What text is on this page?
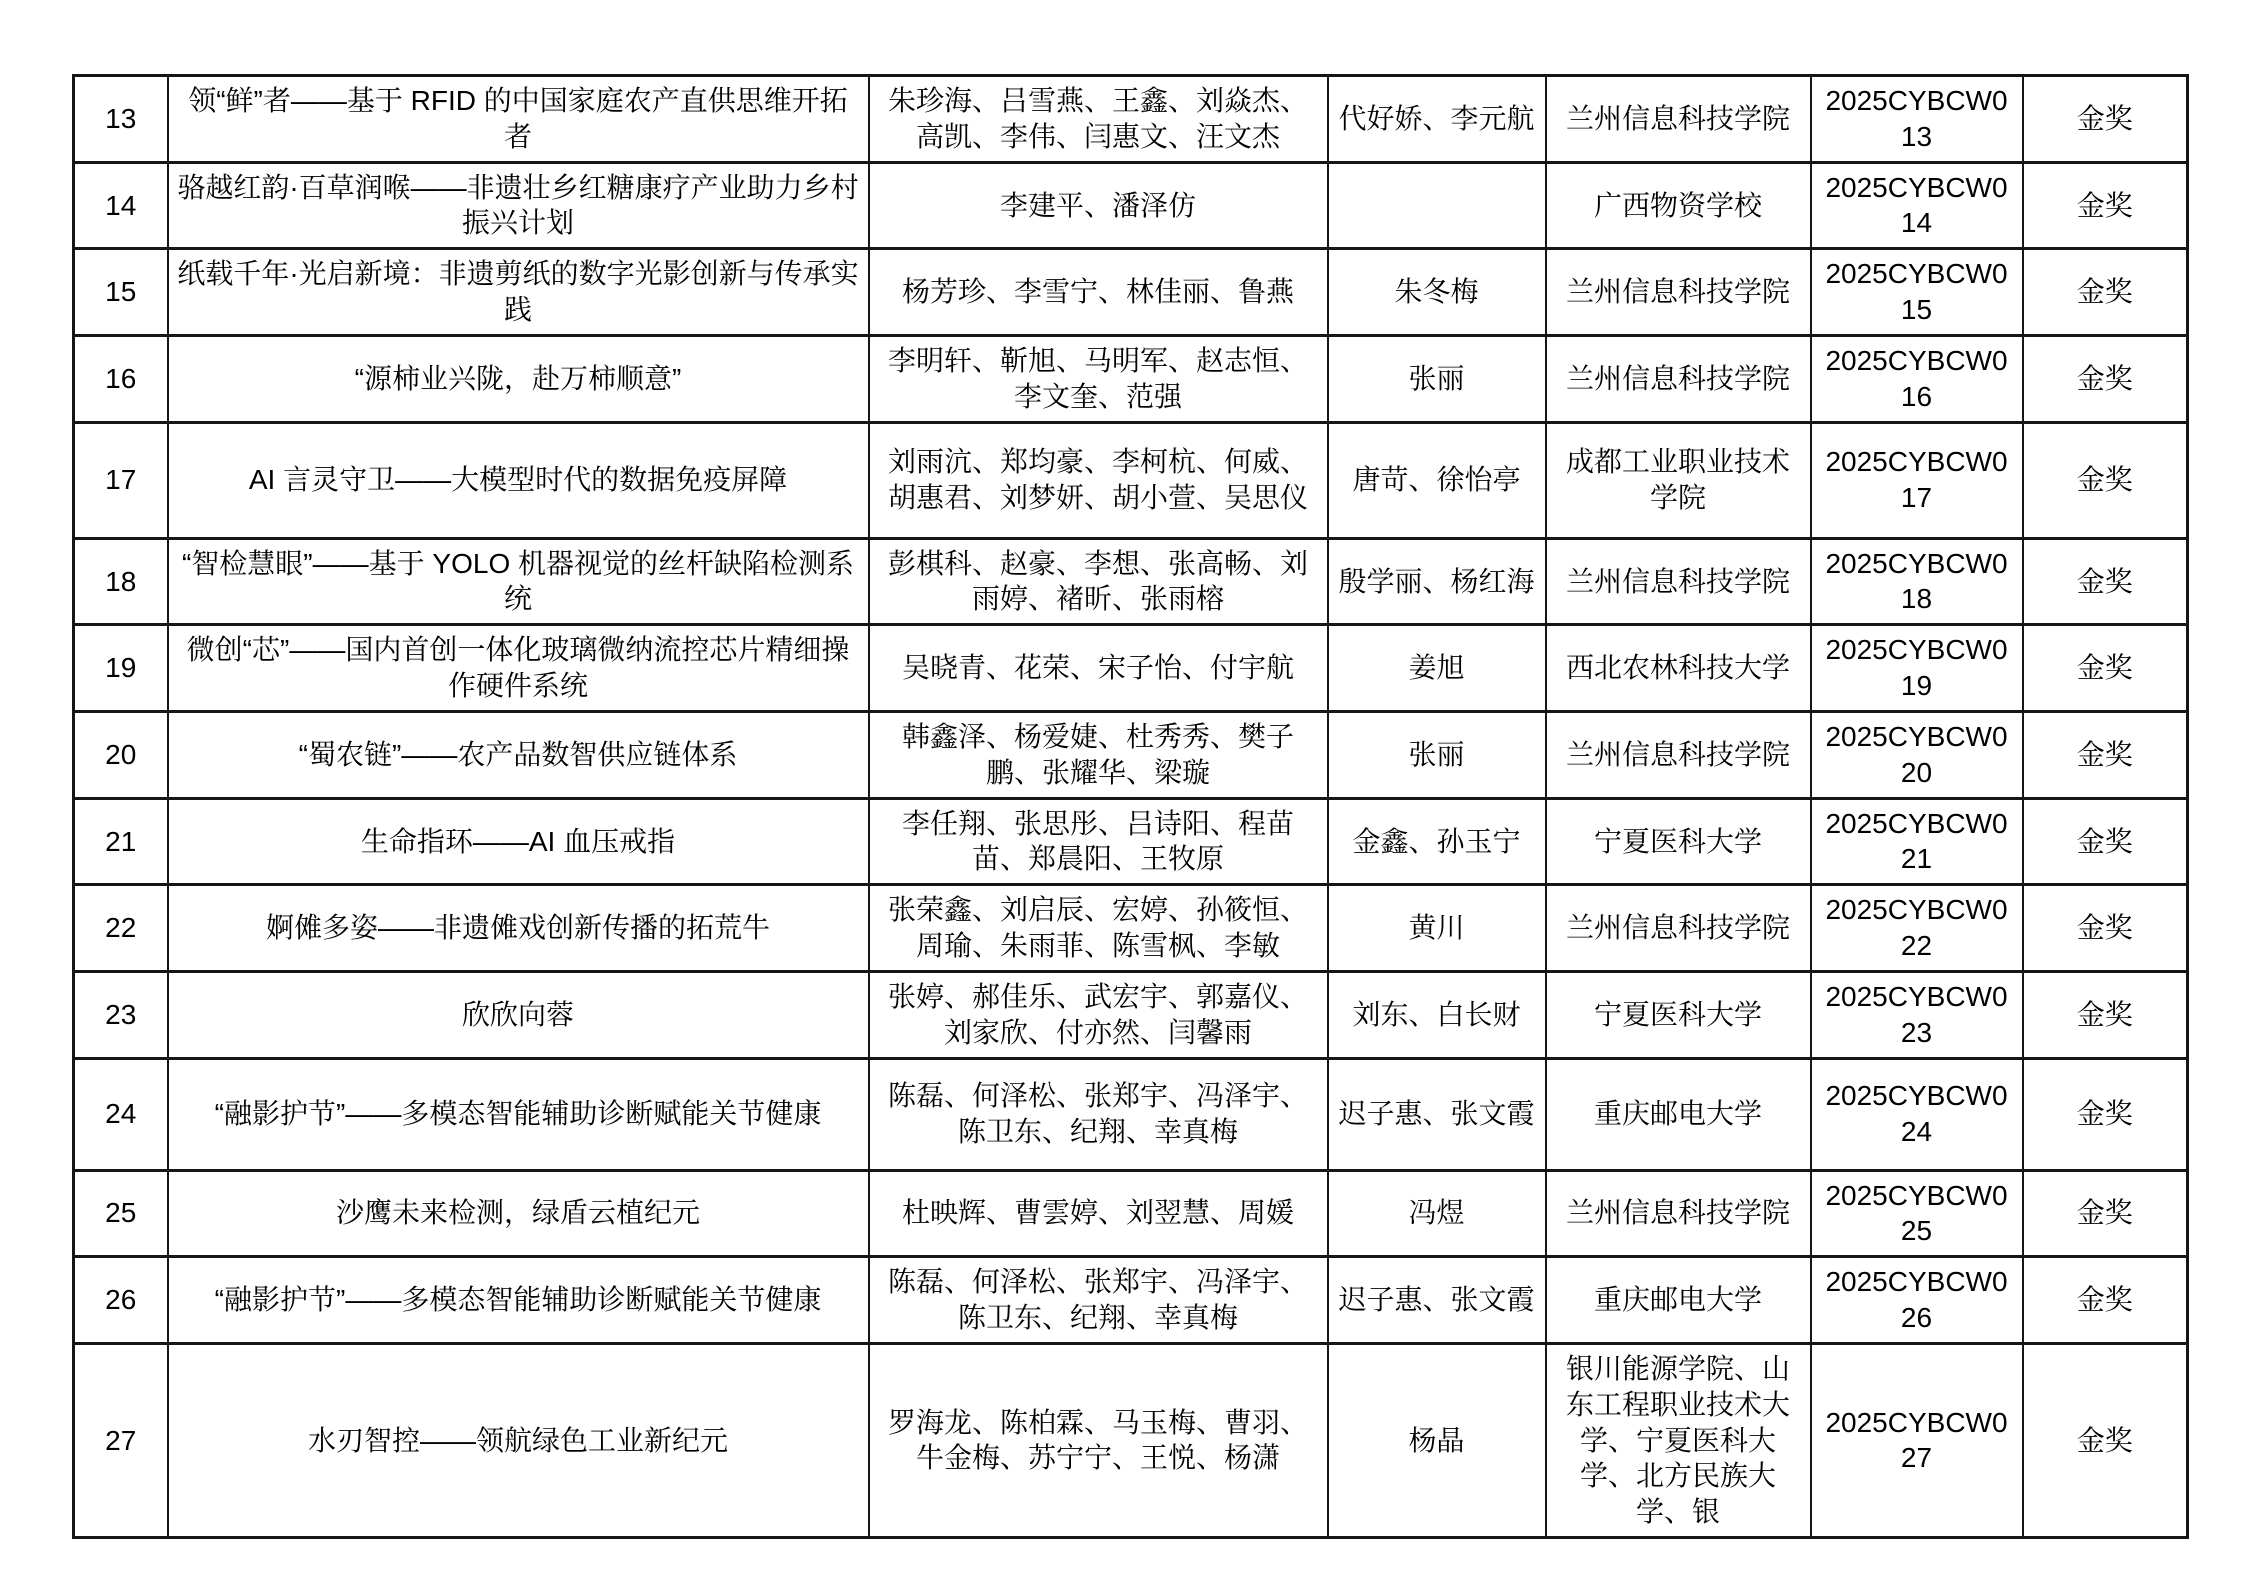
13	领“鲜”者——基于 RFID 的中国家庭农产直供思维开拓者	朱珍海、吕雪燕、王鑫、刘焱杰、高凯、李伟、闫惠文、汪文杰	代好娇、李元航	兰州信息科技学院	2025CYBCW013	金奖
14	骆越红韵·百草润喉——非遗壮乡红糖康疗产业助力乡村振兴计划	李建平、潘泽仿		广西物资学校	2025CYBCW014	金奖
15	纸载千年·光启新境：非遗剪纸的数字光影创新与传承实践	杨芳珍、李雪宁、林佳丽、鲁燕	朱冬梅	兰州信息科技学院	2025CYBCW015	金奖
16	“源柿业兴陇，赴万柿顺意”	李明轩、靳旭、马明军、赵志恒、李文奎、范强	张丽	兰州信息科技学院	2025CYBCW016	金奖
17	AI 言灵守卫——大模型时代的数据免疫屏障	刘雨沆、郑均豪、李柯杭、何威、胡惠君、刘梦妍、胡小萱、吴思仪	唐苛、徐怡亭	成都工业职业技术学院	2025CYBCW017	金奖
18	“智检慧眼”——基于 YOLO 机器视觉的丝杆缺陷检测系统	彭棋科、赵豪、李想、张高畅、刘雨婷、褚昕、张雨榕	殷学丽、杨红海	兰州信息科技学院	2025CYBCW018	金奖
19	微创“芯”——国内首创一体化玻璃微纳流控芯片精细操作硬件系统	吴晓青、花荣、宋子怡、付宇航	姜旭	西北农林科技大学	2025CYBCW019	金奖
20	“蜀农链”——农产品数智供应链体系	韩鑫泽、杨爱婕、杜秀秀、樊子鹏、张耀华、梁璇	张丽	兰州信息科技学院	2025CYBCW020	金奖
21	生命指环——AI 血压戒指	李任翔、张思彤、吕诗阳、程苗苗、郑晨阳、王牧原	金鑫、孙玉宁	宁夏医科大学	2025CYBCW021	金奖
22	婀傩多姿——非遗傩戏创新传播的拓荒牛	张荣鑫、刘启辰、宏婷、孙筱恒、周瑜、朱雨菲、陈雪枫、李敏	黄川	兰州信息科技学院	2025CYBCW022	金奖
23	欣欣向蓉	张婷、郝佳乐、武宏宇、郭嘉仪、刘家欣、付亦然、闫馨雨	刘东、白长财	宁夏医科大学	2025CYBCW023	金奖
24	“融影护节”——多模态智能辅助诊断赋能关节健康	陈磊、何泽松、张郑宇、冯泽宇、陈卫东、纪翔、幸真梅	迟子惠、张文霞	重庆邮电大学	2025CYBCW024	金奖
25	沙鹰未来检测，绿盾云植纪元	杜映辉、曹雲婷、刘翌慧、周媛	冯煜	兰州信息科技学院	2025CYBCW025	金奖
26	“融影护节”——多模态智能辅助诊断赋能关节健康	陈磊、何泽松、张郑宇、冯泽宇、陈卫东、纪翔、幸真梅	迟子惠、张文霞	重庆邮电大学	2025CYBCW026	金奖
27	水刃智控——领航绿色工业新纪元	罗海龙、陈柏霖、马玉梅、曹羽、牛金梅、苏宁宁、王悦、杨潇	杨晶	银川能源学院、山东工程职业技术大学、宁夏医科大学、北方民族大学、银	2025CYBCW027	金奖
